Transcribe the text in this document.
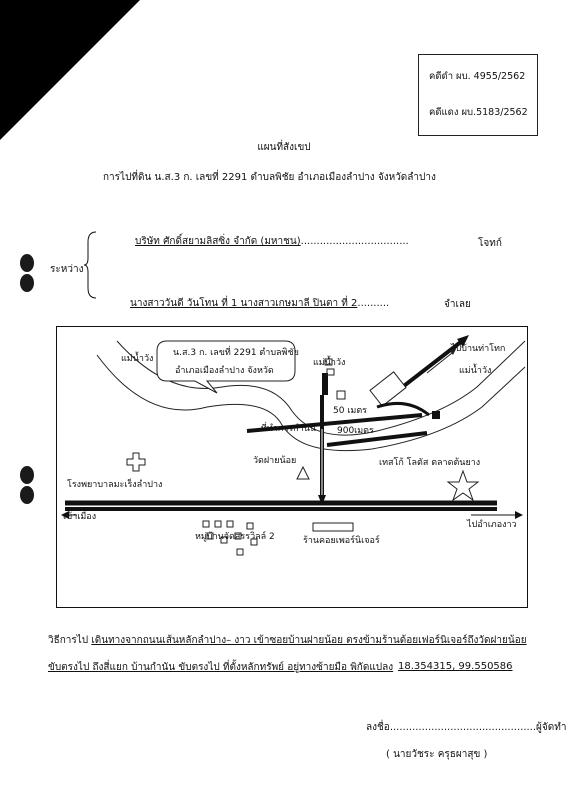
คดีดำ ผบ. 4955/2562
คดีแดง ผบ.5183/2562
แผนที่สังเขป
การไปที่ดิน น.ส.3 ก. เลขที่ 2291 ตำบลพิชัย อำเภอเมืองลำปาง จังหวัดลำปาง
ระหว่าง
บริษัท ศักดิ์สยามลิสซิ่ง จำกัด (มหาชน)..................................	โจทก์
นางสาววันดี วันโทน ที่ 1 นางสาวเกษมาลี ปินตา ที่ 2..........	จำเลย
น.ส.3 ก. เลขที่ 2291 ตำบลพิชัย
อำเภอเมืองลำปาง จังหวัด
แม่น้ำวัง	แม่น้ำวัง
แม่น้ำวัง
ไปบ้านท่าโทก
50 เมตร
900เมตร
ที่ทำการกำนัน
วัดฝายน้อย
โรงพยาบาลมะเร็งลำปาง
เทสโก้ โลตัส ตลาดต้นยาง
เข้าเมือง
ไปอำเภองาว
หมู่บ้านจัดสรรวิลล์ 2	ร้านคอยเพอร์นิเจอร์
วิธีการไป เดินทางจากถนนเส้นหลักลำปาง– งาว เข้าซอยบ้านฝายน้อย ตรงข้ามร้านด้อยเฟอร์นิเจอร์ถึงวัดฝายน้อย
ขับตรงไป ถึงสี่แยก บ้านกำนัน ขับตรงไป ที่ตั้งหลักทรัพย์ อยู่ทางซ้ายมือ พิกัดแปลง 18.354315, 99.550586
ลงชื่อ..............................................ผู้จัดทำ
( นายวัชระ ครุธผาสุข )
